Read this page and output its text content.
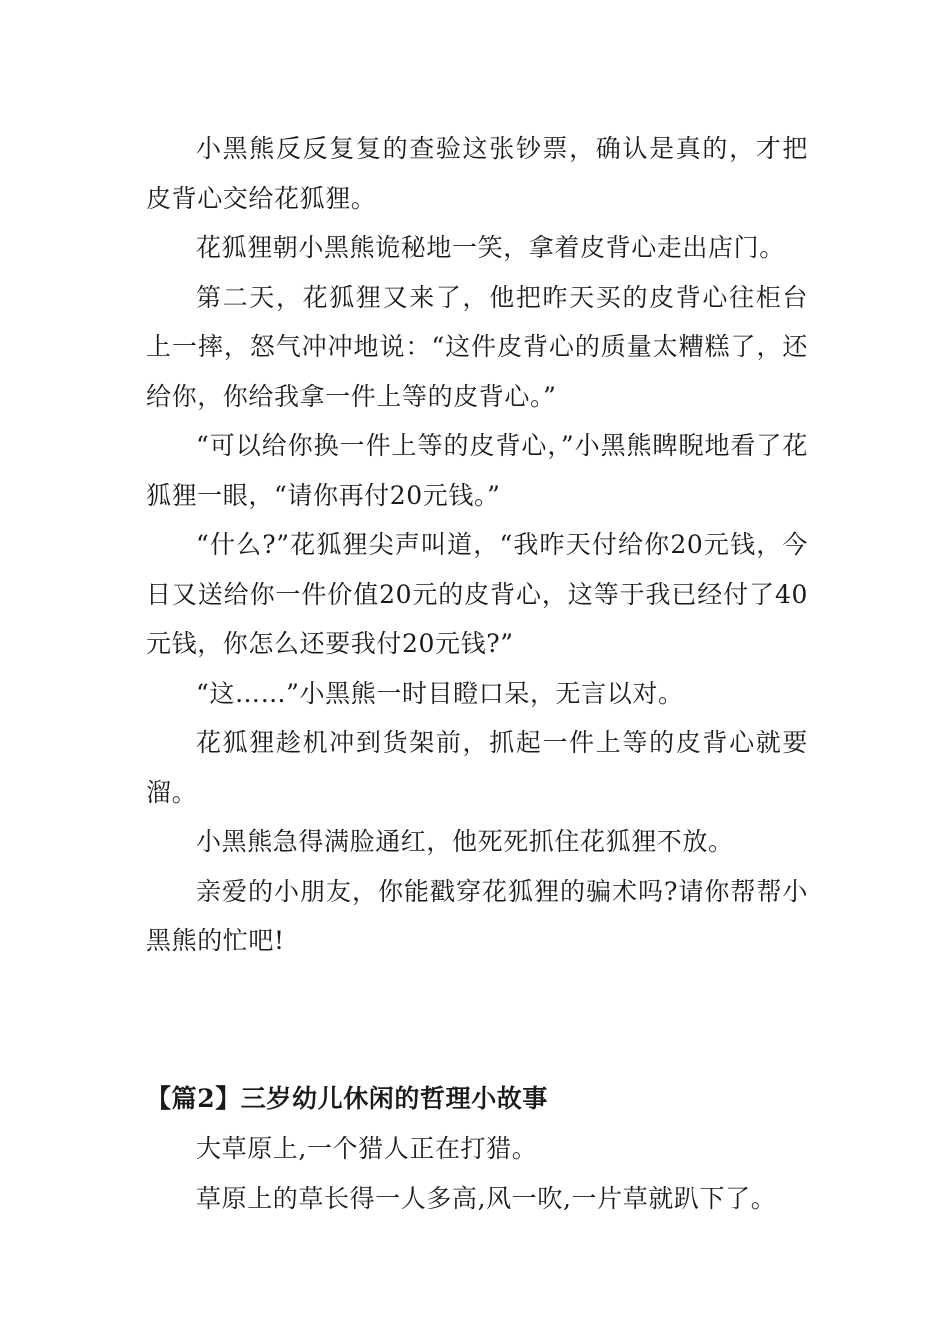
小黑熊反反复复的查验这张钞票，确认是真的，才把皮背心交给花狐狸。

花狐狸朝小黑熊诡秘地一笑，拿着皮背心走出店门。

第二天，花狐狸又来了，他把昨天买的皮背心往柜台上一摔，怒气冲冲地说：“这件皮背心的质量太糟糕了，还给你，你给我拿一件上等的皮背心。”

“可以给你换一件上等的皮背心，”小黑熊睥睨地看了花狐狸一眼，“请你再付20元钱。”

“什么?”花狐狸尖声叫道，“我昨天付给你20元钱，今日又送给你一件价值20元的皮背心，这等于我已经付了40元钱，你怎么还要我付20元钱?”

“这……”小黑熊一时目瞪口呆，无言以对。

花狐狸趁机冲到货架前，抓起一件上等的皮背心就要溜。

小黑熊急得满脸通红，他死死抓住花狐狸不放。

亲爱的小朋友，你能戳穿花狐狸的骗术吗?请你帮帮小黑熊的忙吧!

【篇2】三岁幼儿休闲的哲理小故事

大草原上,一个猎人正在打猎。

草原上的草长得一人多高,风一吹,一片草就趴下了。
